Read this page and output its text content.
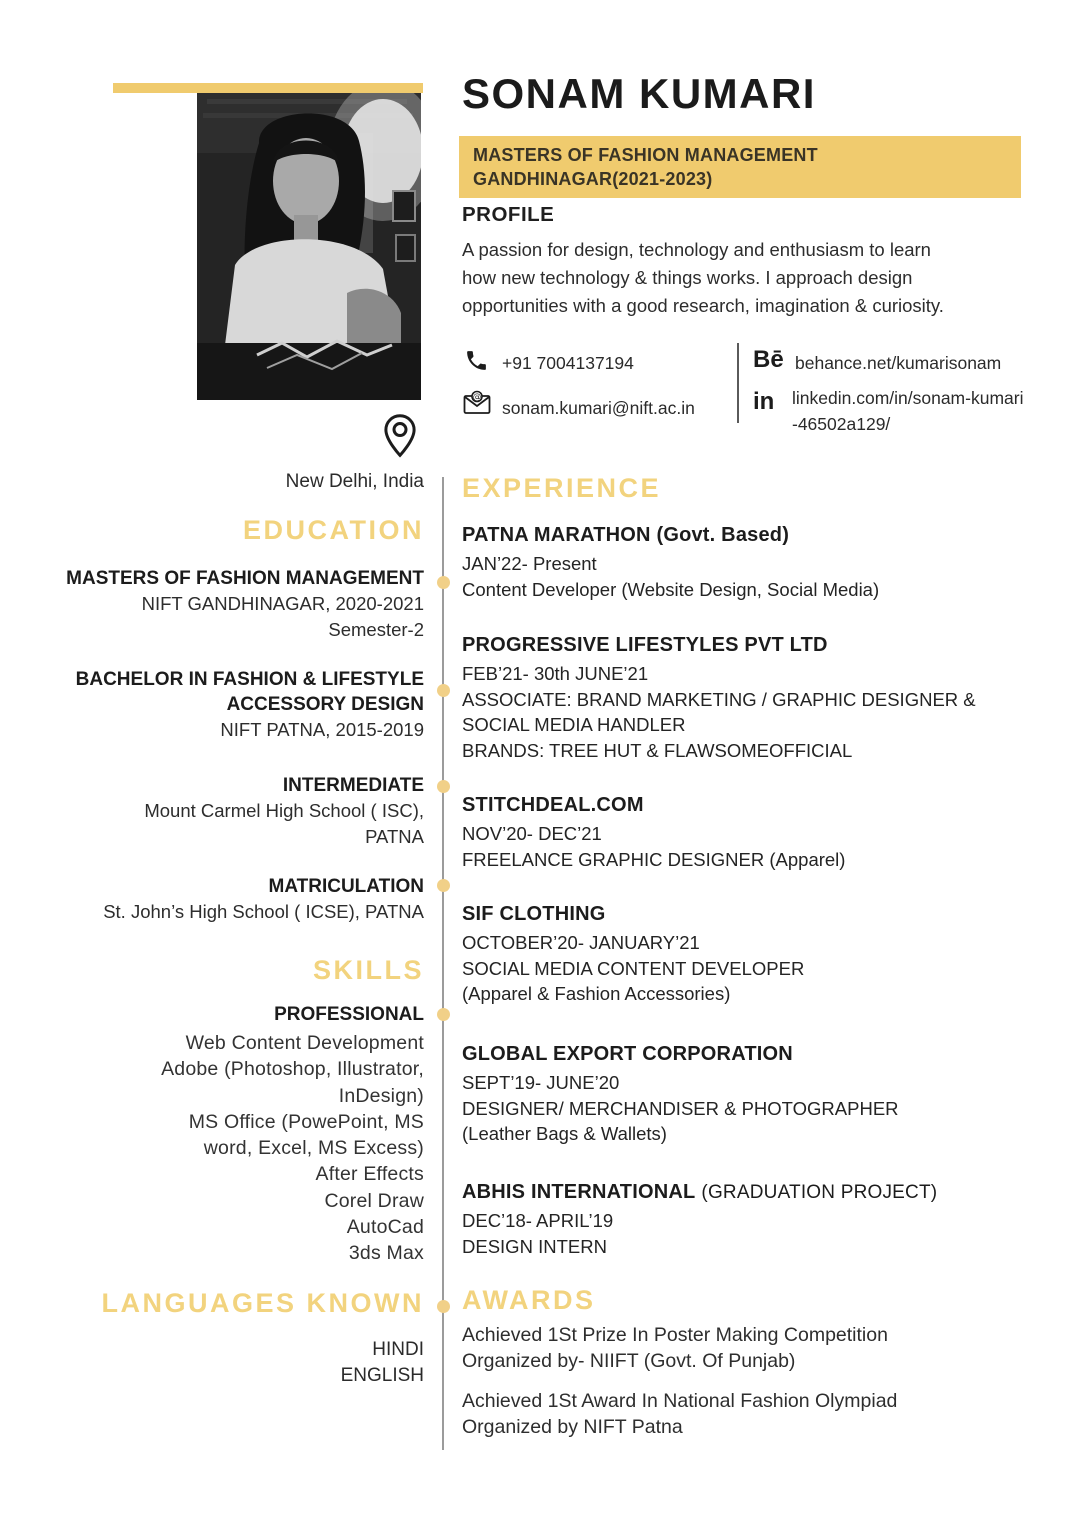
SONAM KUMARI
MASTERS OF FASHION MANAGEMENT
GANDHINAGAR(2021-2023)
PROFILE
A passion for design, technology and enthusiasm to learn
how new technology & things works. I approach design
opportunities with a good research, imagination & curiosity.
+91 7004137194
@
sonam.kumari@nift.ac.in
Bē behance.net/kumarisonam
in linkedin.com/in/sonam-kumari
-46502a129/
New Delhi, India
EDUCATION
MASTERS OF FASHION MANAGEMENT
NIFT GANDHINAGAR, 2020-2021
Semester-2
BACHELOR IN FASHION & LIFESTYLE ACCESSORY DESIGN
NIFT PATNA, 2015-2019
INTERMEDIATE
Mount Carmel High School ( ISC),
PATNA
MATRICULATION
St. John’s High School ( ICSE), PATNA
SKILLS
PROFESSIONAL
Web Content Development
Adobe (Photoshop, Illustrator,
InDesign)
MS Office (PowePoint, MS
word, Excel, MS Excess)
After Effects
Corel Draw
AutoCad
3ds Max
LANGUAGES KNOWN
HINDI
ENGLISH
EXPERIENCE
PATNA MARATHON (Govt. Based)
JAN’22- Present
Content Developer (Website Design, Social Media)
PROGRESSIVE LIFESTYLES PVT LTD
FEB’21- 30th JUNE’21
ASSOCIATE: BRAND MARKETING / GRAPHIC DESIGNER &
SOCIAL MEDIA HANDLER
BRANDS: TREE HUT & FLAWSOMEOFFICIAL
STITCHDEAL.COM
NOV’20- DEC’21
FREELANCE GRAPHIC DESIGNER (Apparel)
SIF CLOTHING
OCTOBER’20- JANUARY’21
SOCIAL MEDIA CONTENT DEVELOPER
(Apparel & Fashion Accessories)
GLOBAL EXPORT CORPORATION
SEPT’19- JUNE’20
DESIGNER/ MERCHANDISER & PHOTOGRAPHER
(Leather Bags & Wallets)
ABHIS INTERNATIONAL (GRADUATION PROJECT)
DEC’18- APRIL’19
DESIGN INTERN
AWARDS
Achieved 1St Prize In Poster Making Competition
Organized by- NIIFT (Govt. Of Punjab)
Achieved 1St Award In National Fashion Olympiad
Organized by NIFT Patna
